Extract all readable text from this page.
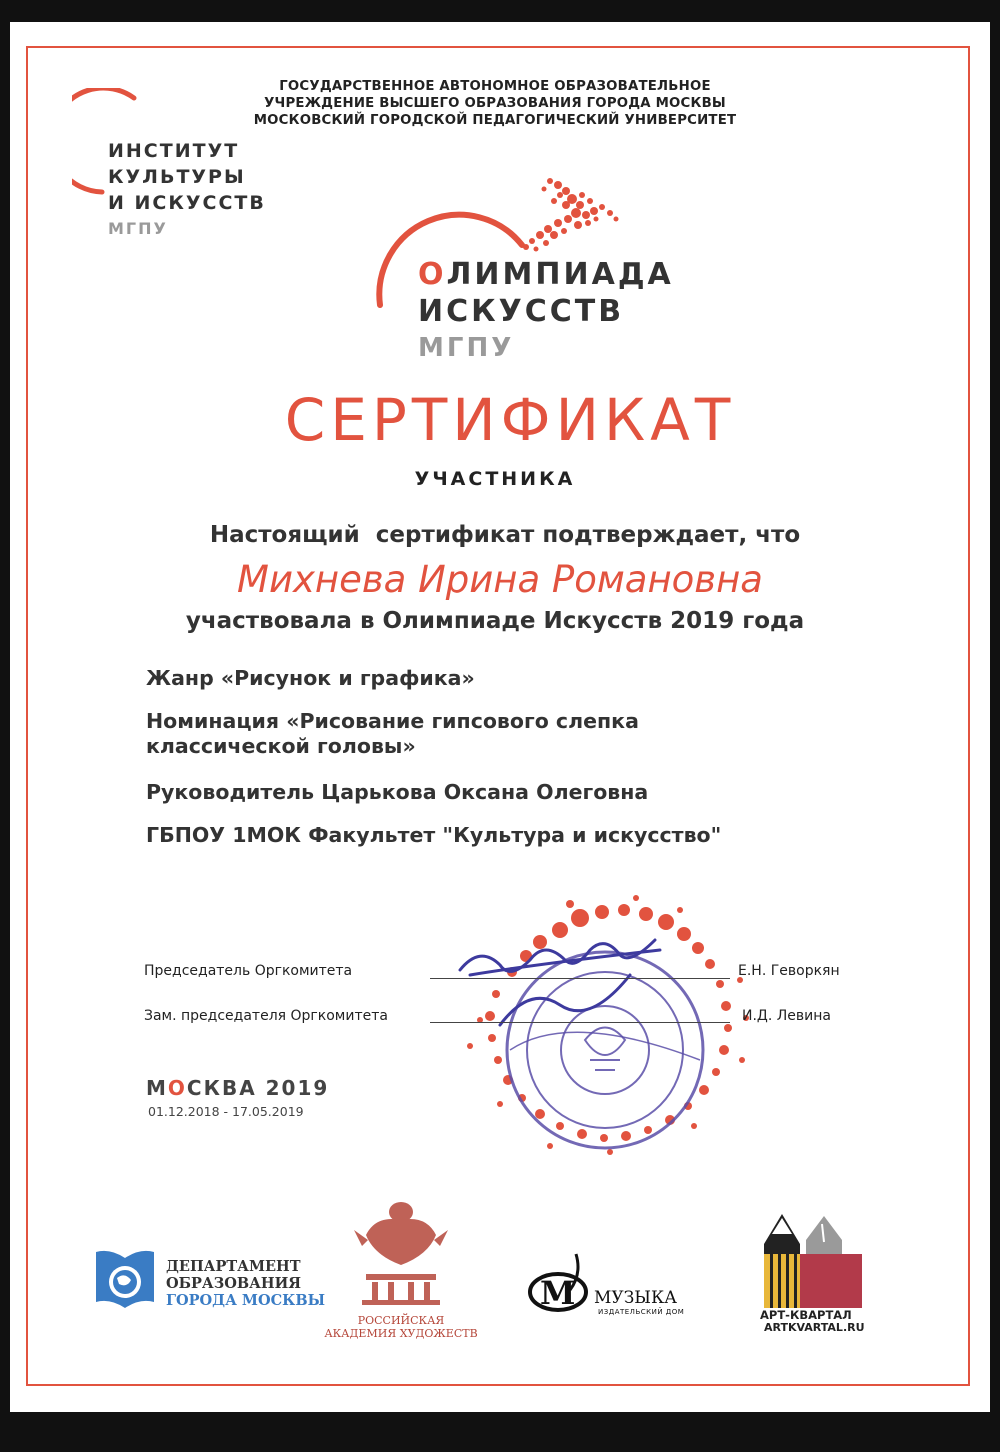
ГОСУДАРСТВЕННОЕ АВТОНОМНОЕ ОБРАЗОВАТЕЛЬНОЕ
УЧРЕЖДЕНИЕ ВЫСШЕГО ОБРАЗОВАНИЯ ГОРОДА МОСКВЫ
МОСКОВСКИЙ ГОРОДСКОЙ ПЕДАГОГИЧЕСКИЙ УНИВЕРСИТЕТ
ИНСТИТУТ
КУЛЬТУРЫ
И ИСКУССТВ
МГПУ
ОЛИМПИАДА
ИСКУССТВ
МГПУ
СЕРТИФИКАТ
УЧАСТНИКА
Настоящий  сертификат подтверждает, что
Михнева Ирина Романовна
участвовала в Олимпиаде Искусств 2019 года
Жанр «Рисунок и графика»
Номинация «Рисование гипсового слепка классической головы»
Руководитель Царькова Оксана Олеговна
ГБПОУ 1МОК Факультет "Культура и искусство"
Председатель Оргкомитета	Е.Н. Геворкян
Зам. председателя Оргкомитета	И.Д. Левина
МОСКВА 2019
01.12.2018 - 17.05.2019
ДЕПАРТАМЕНТ
ОБРАЗОВАНИЯ
ГОРОДА МОСКВЫ
РОССИЙСКАЯ
АКАДЕМИЯ ХУДОЖЕСТВ
M МУЗЫКА
ИЗДАТЕЛЬСКИЙ ДОМ	АРТ-КВАРТАЛ
ARTKVARTAL.RU
